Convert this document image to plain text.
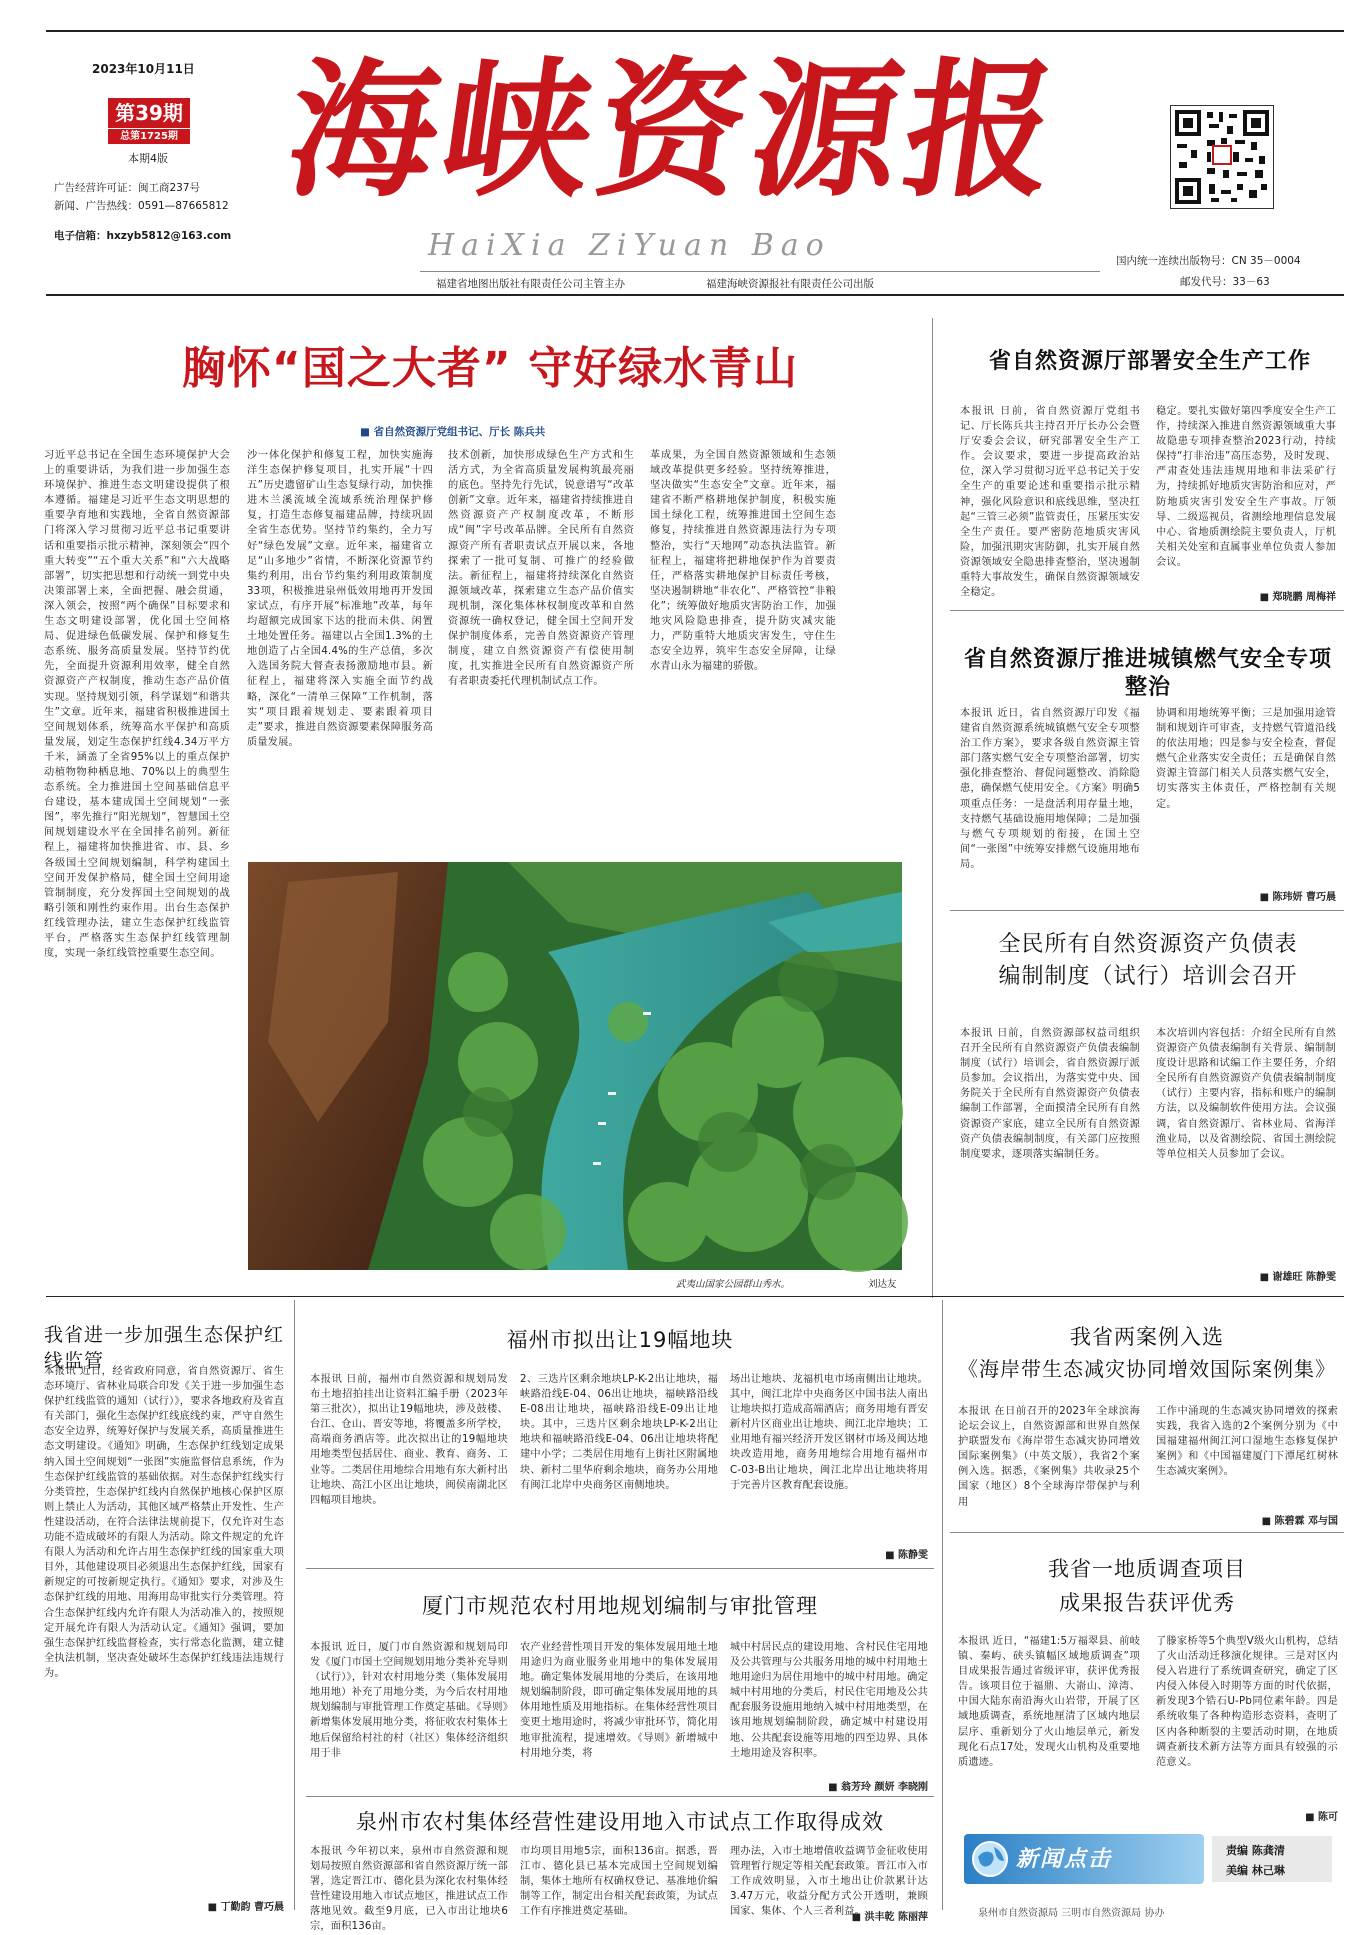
2023年10月11日
第39期
总第1725期
本期4版
广告经营许可证：闽工商237号
新闻、广告热线：0591—87665812
电子信箱：hxzyb5812@163.com
海峡资源报
HaiXia ZiYuan Bao	国内统一连续出版物号：CN 35－0004
邮发代号：33－63
福建省地图出版社有限责任公司主管主办	福建海峡资源报社有限责任公司出版
胸怀“国之大者” 守好绿水青山
■ 省自然资源厅党组书记、厅长 陈兵共
习近平总书记在全国生态环境保护大会上的重要讲话，为我们进一步加强生态环境保护、推进生态文明建设提供了根本遵循。福建是习近平生态文明思想的重要孕育地和实践地，全省自然资源部门将深入学习贯彻习近平总书记重要讲话和重要指示批示精神，深刻领会“四个重大转变”“五个重大关系”和“六大战略部署”，切实把思想和行动统一到党中央决策部署上来，全面把握、融会贯通，深入领会，按照“两个确保”目标要求和生态文明建设部署，优化国土空间格局、促进绿色低碳发展、保护和修复生态系统、服务高质量发展。坚持节约优先，全面提升资源利用效率，健全自然资源资产产权制度，推动生态产品价值实现。坚持规划引领，科学谋划“和谐共生”文章。近年来，福建省积极推进国土空间规划体系，统筹高水平保护和高质量发展，划定生态保护红线4.34万平方千米，涵盖了全省95%以上的重点保护动植物物种栖息地、70%以上的典型生态系统。全力推进国土空间基础信息平台建设，基本建成国土空间规划“一张图”，率先推行“阳光规划”，智慧国土空间规划建设水平在全国排名前列。新征程上，福建将加快推进省、市、县、乡各级国土空间规划编制，科学构建国土空间开发保护格局，健全国土空间用途管制制度，充分发挥国土空间规划的战略引领和刚性约束作用。出台生态保护红线管理办法，建立生态保护红线监管平台，严格落实生态保护红线管理制度，实现一条红线管控重要生态空间。
沙一体化保护和修复工程，加快实施海洋生态保护修复项目，扎实开展“十四五”历史遗留矿山生态复绿行动，加快推进木兰溪流域全流域系统治理保护修复，打造生态修复福建品牌，持续巩固全省生态优势。坚持节约集约，全力写好“绿色发展”文章。近年来，福建省立足“山多地少”省情，不断深化资源节约集约利用，出台节约集约利用政策制度33项，积极推进泉州低效用地再开发国家试点，有序开展“标准地”改革，每年均超额完成国家下达的批而未供、闲置土地处置任务。福建以占全国1.3%的土地创造了占全国4.4%的生产总值，多次入选国务院大督查表扬激励地市县。新征程上，福建将深入实施全面节约战略，深化“一清单三保障”工作机制，落实“项目跟着规划走、要素跟着项目走”要求，推进自然资源要素保障服务高质量发展。
技术创新，加快形成绿色生产方式和生活方式，为全省高质量发展构筑最亮丽的底色。坚持先行先试，锐意谱写“改革创新”文章。近年来，福建省持续推进自然资源资产产权制度改革，不断形成“闽”字号改革品牌。全民所有自然资源资产所有者职责试点开展以来，各地探索了一批可复制、可推广的经验做法。新征程上，福建将持续深化自然资源领域改革，探索建立生态产品价值实现机制，深化集体林权制度改革和自然资源统一确权登记，健全国土空间开发保护制度体系，完善自然资源资产管理制度，建立自然资源资产有偿使用制度，扎实推进全民所有自然资源资产所有者职责委托代理机制试点工作。
革成果，为全国自然资源领域和生态领域改革提供更多经验。坚持统筹推进，坚决做实“生态安全”文章。近年来，福建省不断严格耕地保护制度，积极实施国土绿化工程，统筹推进国土空间生态修复，持续推进自然资源违法行为专项整治，实行“天地网”动态执法监管。新征程上，福建将把耕地保护作为首要责任，严格落实耕地保护目标责任考核，坚决遏制耕地“非农化”、严格管控“非粮化”；统筹做好地质灾害防治工作，加强地灾风险隐患排查，提升防灾减灾能力，严防重特大地质灾害发生，守住生态安全边界，筑牢生态安全屏障，让绿水青山永为福建的骄傲。
武夷山国家公园群山秀水。	刘达友
省自然资源厅部署安全生产工作
本报讯 日前，省自然资源厅党组书记、厅长陈兵共主持召开厅长办公会暨厅安委会会议，研究部署安全生产工作。会议要求，要进一步提高政治站位，深入学习贯彻习近平总书记关于安全生产的重要论述和重要指示批示精神，强化风险意识和底线思维，坚决扛起“三管三必须”监管责任，压紧压实安全生产责任。要严密防范地质灾害风险，加强汛期灾害防御，扎实开展自然资源领域安全隐患排查整治，坚决遏制重特大事故发生，确保自然资源领域安全稳定。
稳定。要扎实做好第四季度安全生产工作，持续深入推进自然资源领域重大事故隐患专项排查整治2023行动，持续保持“打非治违”高压态势，及时发现、严肃查处违法违规用地和非法采矿行为，持续抓好地质灾害防治和应对，严防地质灾害引发安全生产事故。厅领导、二级巡视员，省测绘地理信息发展中心、省地质测绘院主要负责人，厅机关相关处室和直属事业单位负责人参加会议。
■ 郑晓鹏 周梅祥
省自然资源厅推进城镇燃气安全专项整治
本报讯 近日，省自然资源厅印发《福建省自然资源系统城镇燃气安全专项整治工作方案》，要求各级自然资源主管部门落实燃气安全专项整治部署，切实强化排查整治、督促问题整改、消除隐患，确保燃气使用安全。《方案》明确5项重点任务：一是盘活利用存量土地，支持燃气基础设施用地保障；二是加强与燃气专项规划的衔接，在国土空间“一张图”中统筹安排燃气设施用地布局。
协调和用地统筹平衡；三是加强用途管制和规划许可审查，支持燃气管道沿线的依法用地；四是参与安全检查，督促燃气企业落实安全责任；五是确保自然资源主管部门相关人员落实燃气安全，切实落实主体责任，严格控制有关规定。
■ 陈玮妍 曹巧晨
全民所有自然资源资产负债表
编制制度（试行）培训会召开
本报讯 日前，自然资源部权益司组织召开全民所有自然资源资产负债表编制制度（试行）培训会，省自然资源厅派员参加。会议指出，为落实党中央、国务院关于全民所有自然资源资产负债表编制工作部署，全面摸清全民所有自然资源资产家底，建立全民所有自然资源资产负债表编制制度，有关部门应按照制度要求，逐项落实编制任务。
本次培训内容包括：介绍全民所有自然资源资产负债表编制有关背景、编制制度设计思路和试编工作主要任务，介绍全民所有自然资源资产负债表编制制度（试行）主要内容，指标和账户的编制方法，以及编制软件使用方法。会议强调，省自然资源厅、省林业局、省海洋渔业局，以及省测绘院、省国土测绘院等单位相关人员参加了会议。
■ 谢雄旺 陈静雯
我省进一步加强生态保护红线监管
本报讯 近日，经省政府同意，省自然资源厅、省生态环境厅、省林业局联合印发《关于进一步加强生态保护红线监管的通知（试行）》，要求各地政府及省直有关部门，强化生态保护红线底线约束，严守自然生态安全边界，统筹好保护与发展关系，高质量推进生态文明建设。《通知》明确，生态保护红线划定成果纳入国土空间规划“一张图”实施监督信息系统，作为生态保护红线监管的基础依据。对生态保护红线实行分类管控，生态保护红线内自然保护地核心保护区原则上禁止人为活动，其他区域严格禁止开发性、生产性建设活动，在符合法律法规前提下，仅允许对生态功能不造成破坏的有限人为活动。除文件规定的允许有限人为活动和允许占用生态保护红线的国家重大项目外，其他建设项目必须退出生态保护红线，国家有新规定的可按新规定执行。《通知》要求，对涉及生态保护红线的用地、用海用岛审批实行分类管理。符合生态保护红线内允许有限人为活动准入的，按照规定开展允许有限人为活动认定。《通知》强调，要加强生态保护红线监督检查，实行常态化监测，建立健全执法机制，坚决查处破坏生态保护红线违法违规行为。
■ 丁勤韵 曹巧晨
福州市拟出让19幅地块
本报讯 日前，福州市自然资源和规划局发布土地招拍挂出让资料汇编手册（2023年第三批次），拟出让19幅地块，涉及鼓楼、台江、仓山、晋安等地，将覆盖多所学校，高端商务酒店等。此次拟出让的19幅地块用地类型包括居住、商业、教育、商务、工业等。二类居住用地综合用地有东大新村出让地块、高江小区出让地块，闽侯南湖北区四幅项目地块。
2、三迭片区剩余地块LP-K-2出让地块，福峡路沿线E-04、06出让地块，福峡路沿线E-08出让地块，福峡路沿线E-09出让地块。其中，三迭片区剩余地块LP-K-2出让地块和福峡路沿线E-04、06出让地块将配建中小学；二类居住用地有上街社区附属地块、新村二里华府剩余地块，商务办公用地有闽江北岸中央商务区南侧地块。
场出让地块、龙福机电市场南侧出让地块。其中，闽江北岸中央商务区中国书法人南出让地块拟打造成高端酒店；商务用地有晋安新村片区商业出让地块、闽江北岸地块；工业用地有福兴经济开发区钢材市场及闽达地块改造用地，商务用地综合用地有福州市C-03-B出让地块，闽江北岸出让地块将用于完善片区教育配套设施。
■ 陈静雯
厦门市规范农村用地规划编制与审批管理
本报讯 近日，厦门市自然资源和规划局印发《厦门市国土空间规划用地分类补充导则（试行）》，针对农村用地分类（集体发展用地用地）补充了用地分类，为今后农村用地规划编制与审批管理工作奠定基础。《导则》新增集体发展用地分类，将征收农村集体土地后保留给村社的村（社区）集体经济组织用于非
农产业经营性项目开发的集体发展用地土地用途归为商业服务业用地中的集体发展用地。确定集体发展用地的分类后，在该用地规划编制阶段，即可确定集体发展用地的具体用地性质及用地指标。在集体经营性项目变更土地用途时，将减少审批环节，简化用地审批流程，提速增效。《导则》新增城中村用地分类，将
城中村居民点的建设用地、含村民住宅用地及公共管理与公共服务用地的城中村用地土地用途归为居住用地中的城中村用地。确定城中村用地的分类后，村民住宅用地及公共配套服务设施用地纳入城中村用地类型，在该用地规划编制阶段，确定城中村建设用地、公共配套设施等用地的四至边界、具体土地用途及容积率。
■ 翁芳玲 颜妍 李晓刚
泉州市农村集体经营性建设用地入市试点工作取得成效
本报讯 今年初以来，泉州市自然资源和规划局按照自然资源部和省自然资源厅统一部署，选定晋江市、德化县为深化农村集体经营性建设用地入市试点地区，推进试点工作落地见效。截至9月底，已入市出让地块6宗，面积136亩。
市均项目用地5宗，面积136亩。据悉，晋江市、德化县已基本完成国土空间规划编制，集体土地所有权确权登记、基准地价编制等工作，制定出台相关配套政策，为试点工作有序推进奠定基础。
理办法，入市土地增值收益调节金征收使用管理暂行规定等相关配套政策。晋江市入市工作成效明显，入市土地出让价款累计达3.47万元，收益分配方式公开透明，兼顾国家、集体、个人三者利益。
■ 洪丰乾 陈丽萍
我省两案例入选
《海岸带生态减灾协同增效国际案例集》
本报讯 在日前召开的2023年全球滨海论坛会议上，自然资源部和世界自然保护联盟发布《海岸带生态减灾协同增效国际案例集》（中英文版），我省2个案例入选。据悉，《案例集》共收录25个国家（地区）8个全球海岸带保护与利用
工作中涌现的生态减灾协同增效的探索实践，我省入选的2个案例分别为《中国福建福州闽江河口湿地生态修复保护案例》和《中国福建厦门下潭尾红树林生态减灾案例》。
■ 陈碧霖 邓与国
我省一地质调查项目
成果报告获评优秀
本报讯 近日，“福建1:5万福翠县、前岐镇、秦屿、硖头镇幅区域地质调查”项目成果报告通过省级评审，获评优秀报告。该项目位于福鼎、大嵛山、漳湾、中国大陆东南沿海火山岩带，开展了区域地质调查，系统地厘清了区域内地层层序、重新划分了火山地层单元，新发现化石点17处，发现火山机构及重要地质遗迹。
了滕家桥等5个典型V级火山机构，总结了火山活动迁移演化规律。三是对区内侵入岩进行了系统调查研究，确定了区内侵入体侵入时期等方面的时代依据，新发现3个锆石U-Pb同位素年龄。四是系统收集了各种构造形态资料，查明了区内各种断裂的主要活动时期，在地质调查新技术新方法等方面具有较强的示范意义。
■ 陈可
新闻点击	责编 陈龚清
美编 林己琳
泉州市自然资源局 三明市自然资源局 协办
